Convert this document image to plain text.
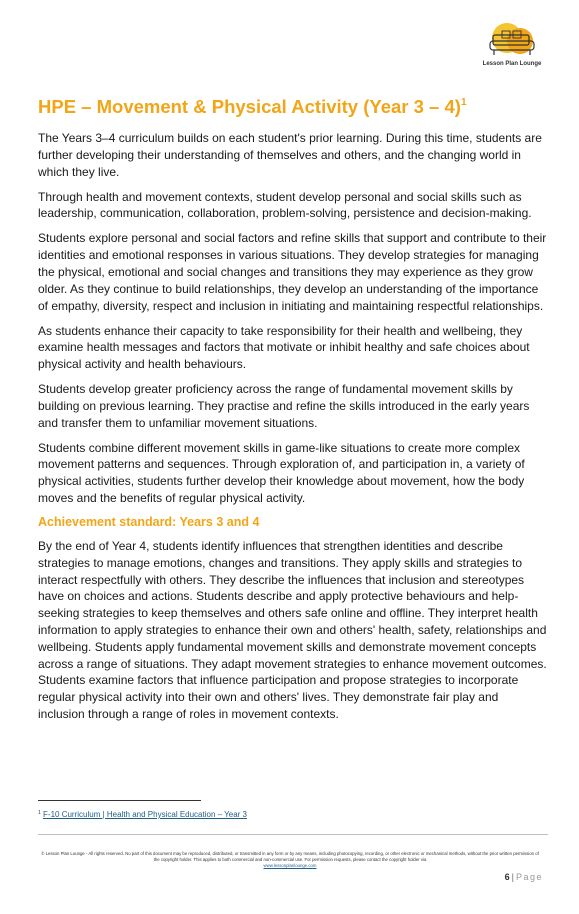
Lesson Plan Lounge
HPE – Movement & Physical Activity (Year 3 – 4)$^1$

The Years 3–4 curriculum builds on each student's prior learning. During this time, students are further developing their understanding of themselves and others, and the changing world in which they live.

Through health and movement contexts, student develop personal and social skills such as leadership, communication, collaboration, problem-solving, persistence and decision-making.

Students explore personal and social factors and refine skills that support and contribute to their identities and emotional responses in various situations. They develop strategies for managing the physical, emotional and social changes and transitions they may experience as they grow older. As they continue to build relationships, they develop an understanding of the importance of empathy, diversity, respect and inclusion in initiating and maintaining respectful relationships.

As students enhance their capacity to take responsibility for their health and wellbeing, they examine health messages and factors that motivate or inhibit healthy and safe choices about physical activity and health behaviours.

Students develop greater proficiency across the range of fundamental movement skills by building on previous learning. They practise and refine the skills introduced in the early years and transfer them to unfamiliar movement situations.

Students combine different movement skills in game-like situations to create more complex movement patterns and sequences. Through exploration of, and participation in, a variety of physical activities, students further develop their knowledge about movement, how the body moves and the benefits of regular physical activity.

Achievement standard: Years 3 and 4

By the end of Year 4, students identify influences that strengthen identities and describe strategies to manage emotions, changes and transitions. They apply skills and strategies to interact respectfully with others. They describe the influences that inclusion and stereotypes have on choices and actions. Students describe and apply protective behaviours and help-seeking strategies to keep themselves and others safe online and offline. They interpret health information to apply strategies to enhance their own and others' health, safety, relationships and wellbeing. Students apply fundamental movement skills and demonstrate movement concepts across a range of situations. They adapt movement strategies to enhance movement outcomes. Students examine factors that influence participation and propose strategies to incorporate regular physical activity into their own and others' lives. They demonstrate fair play and inclusion through a range of roles in movement contexts.

$^1$ F-10 Curriculum | Health and Physical Education – Year 3
© Lesson Plan Lounge - All rights reserved. No part of this document may be reproduced, distributed, or transmitted in any form or by any means, including photocopying, recording, or other electronic or mechanical methods, without the prior written permission of the copyright holder. This applies to both commercial and non-commercial use. For permission requests, please contact the copyright holder via
www.lessonplanlounge.com
6 | Page
